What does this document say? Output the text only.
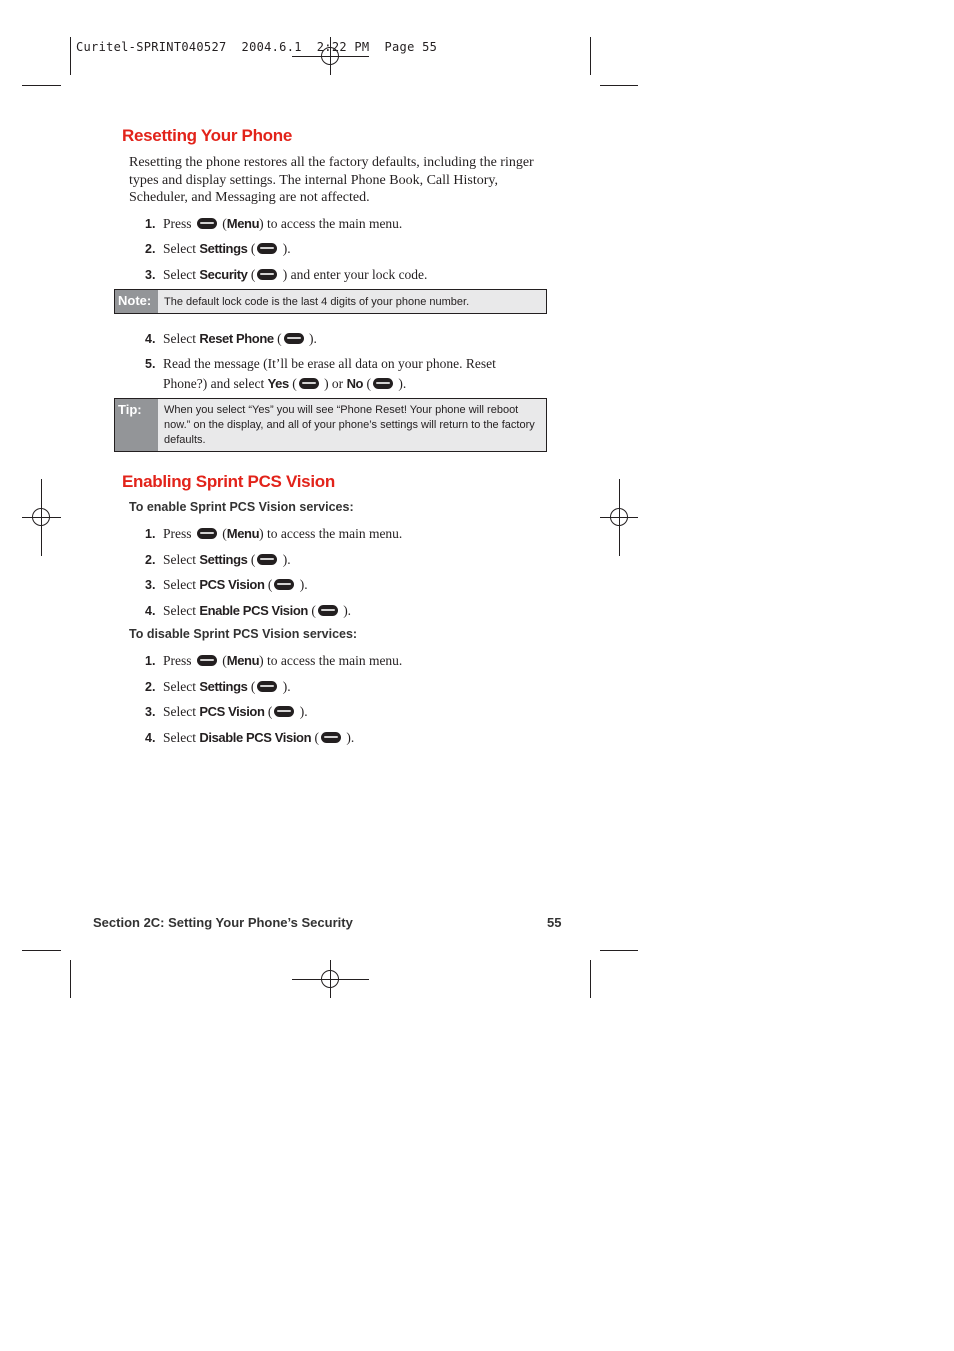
Curitel-SPRINT040527  2004.6.1  2:22 PM  Page 55
Resetting Your Phone
Resetting the phone restores all the factory defaults, including the ringer types and display settings. The internal Phone Book, Call History, Scheduler, and Messaging are not affected.
1. Press
(Menu) to access the main menu.
2. Select Settings (
).
3. Select Security (
) and enter your lock code.
Note:	The default lock code is the last 4 digits of your phone number.
4. Select Reset Phone (
).
5. Read the message (It’ll be erase all data on your phone. Reset
Phone?) and select Yes (
) or No (
).
Tip:	When you select “Yes” you will see “Phone Reset! Your phone will reboot now.” on the display, and all of your phone’s settings will return to the factory defaults.
Enabling Sprint PCS Vision
To enable Sprint PCS Vision services:
1. Press
(Menu) to access the main menu.
2. Select Settings (
).
3. Select PCS Vision (
).
4. Select Enable PCS Vision (
).
To disable Sprint PCS Vision services:
1. Press
(Menu) to access the main menu.
2. Select Settings (
).
3. Select PCS Vision (
).
4. Select Disable PCS Vision (
).
Section 2C: Setting Your Phone’s Security	55
